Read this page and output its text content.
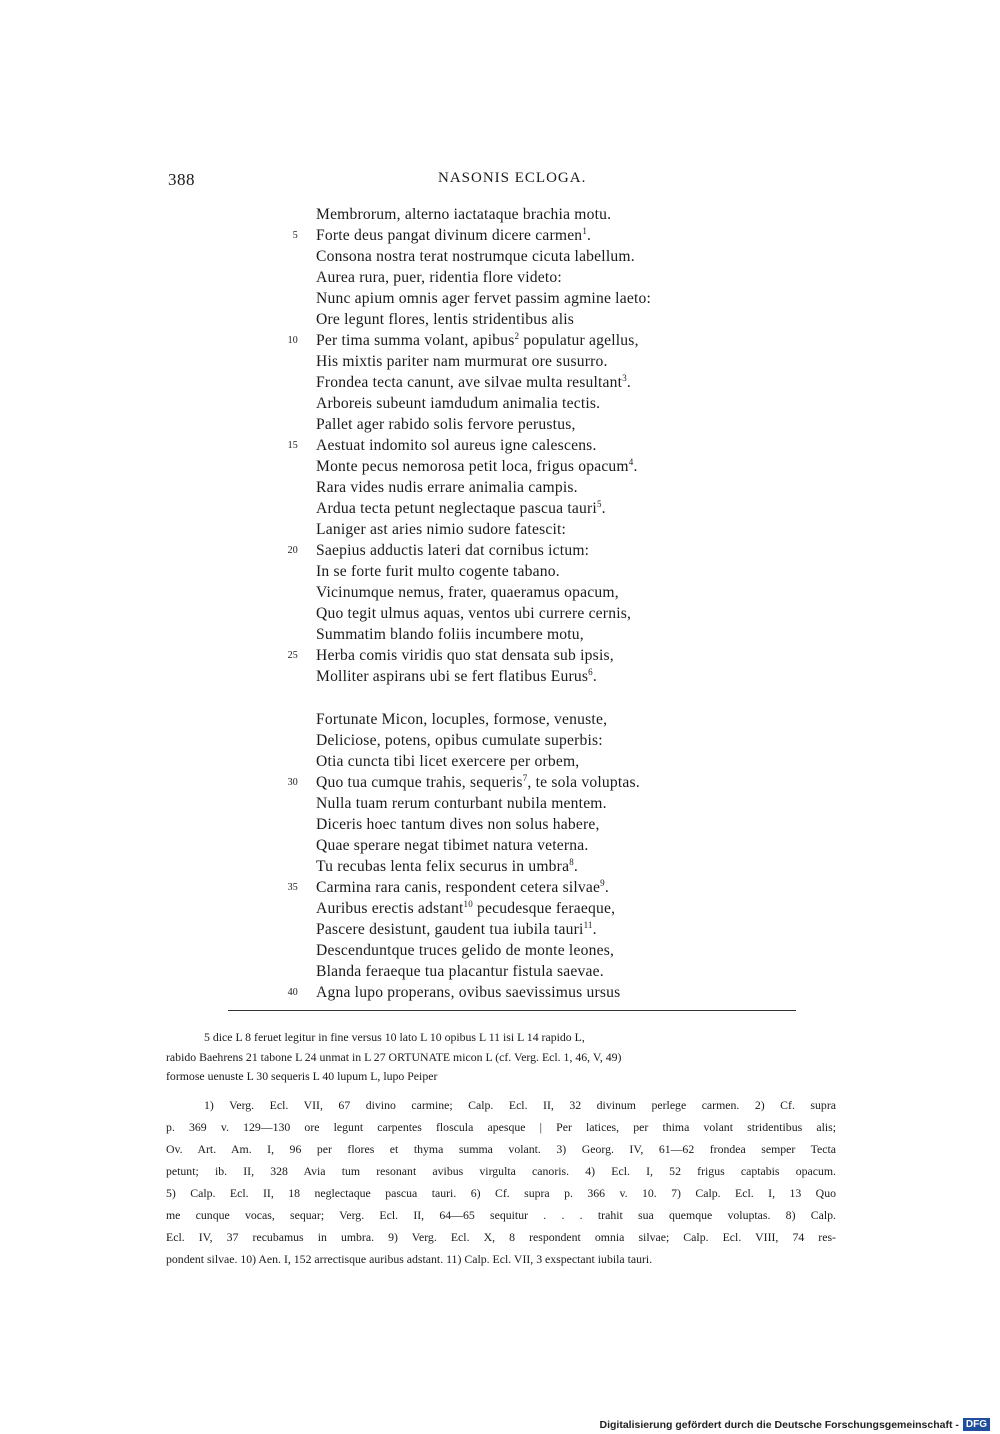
388	NASONIS ECLOGA.
Membrorum, alterno iactataque brachia motu.
5 Forte deus pangat divinum dicere carmen$^1$.
Consona nostra terat nostrumque cicuta labellum.
Aurea rura, puer, ridentia flore videto:
Nunc apium omnis ager fervet passim agmine laeto:
Ore legunt flores, lentis stridentibus alis
10 Per tima summa volant, apibus$^2$ populatur agellus,
His mixtis pariter nam murmurat ore susurro.
Frondea tecta canunt, ave silvae multa resultant$^3$.
Arboreis subeunt iamdudum animalia tectis.
Pallet ager rabido solis fervore perustus,
15 Aestuat indomito sol aureus igne calescens.
Monte pecus nemorosa petit loca, frigus opacum$^4$.
Rara vides nudis errare animalia campis.
Ardua tecta petunt neglectaque pascua tauri$^5$.
Laniger ast aries nimio sudore fatescit:
20 Saepius adductis lateri dat cornibus ictum:
In se forte furit multo cogente tabano.
Vicinumque nemus, frater, quaeramus opacum,
Quo tegit ulmus aquas, ventos ubi currere cernis,
Summatim blando foliis incumbere motu,
25 Herba comis viridis quo stat densata sub ipsis,
Molliter aspirans ubi se fert flatibus Eurus$^6$.
Fortunate Micon, locuples, formose, venuste,
Deliciose, potens, opibus cumulate superbis:
Otia cuncta tibi licet exercere per orbem,
30 Quo tua cumque trahis, sequeris$^7$, te sola voluptas.
Nulla tuam rerum conturbant nubila mentem.
Diceris hoec tantum dives non solus habere,
Quae sperare negat tibimet natura veterna.
Tu recubas lenta felix securus in umbra$^8$.
35 Carmina rara canis, respondent cetera silvae$^9$.
Auribus erectis adstant$^{10}$ pecudesque feraeque,
Pascere desistunt, gaudent tua iubila tauri$^{11}$.
Descenduntque truces gelido de monte leones,
Blanda feraeque tua placantur fistula saevae.
40 Agna lupo properans, ovibus saevissimus ursus
5 dice L 8 feruet legitur in fine versus 10 lato L 10 opibus L 11 isi L 14 rapido L,
rabido Baehrens 21 tabone L 24 unmat in L 27 ORTUNATE micon L (cf. Verg. Ecl. 1, 46, V, 49)
formose uenuste L 30 sequeris L 40 lupum L, lupo Peiper
1) Verg. Ecl. VII, 67 divino carmine; Calp. Ecl. II, 32 divinum perlege carmen. 2) Cf. supra
p. 369 v. 129—130 ore legunt carpentes flosculа apesque | Per latices, per thima volant stridentibus alis;
Ov. Art. Am. I, 96 per flores et thyma summa volant. 3) Georg. IV, 61—62 frondea semper Tecta
petunt; ib. II, 328 Avia tum resonant avibus virgulta canoris. 4) Ecl. I, 52 frigus captabis opacum.
5) Calp. Ecl. II, 18 neglectaque pascua tauri. 6) Cf. supra p. 366 v. 10. 7) Calp. Ecl. I, 13 Quo
me cunque vocas, sequar; Verg. Ecl. II, 64—65 sequitur . . . trahit sua quemque voluptas. 8) Calp.
Ecl. IV, 37 recubamus in umbra. 9) Verg. Ecl. X, 8 respondent omnia silvae; Calp. Ecl. VIII, 74 res-
pondent silvae. 10) Aen. I, 152 arrectisque auribus adstant. 11) Calp. Ecl. VII, 3 exspectant iubila tauri.
Digitalisierung gefördert durch die Deutsche Forschungsgemeinschaft - DFG
